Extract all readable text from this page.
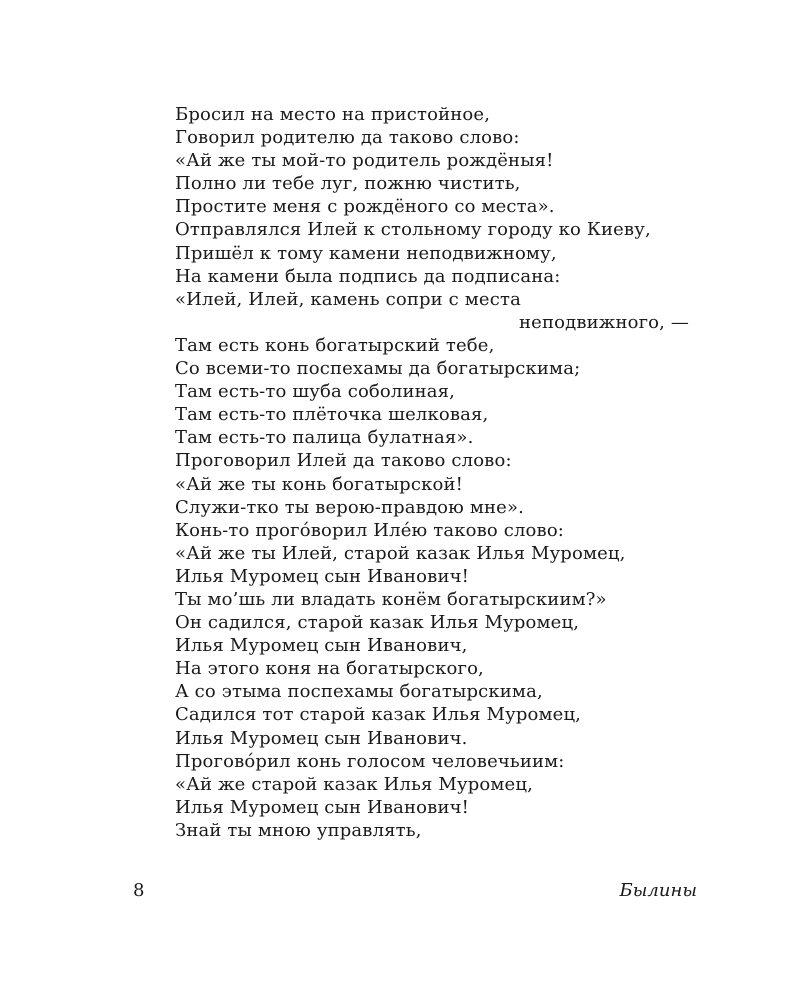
Бросил на место на пристойное,
Говорил родителю да таково слово:
«Ай же ты мой-то родитель рождёныя!
Полно ли тебе луг, пожню чистить,
Простите меня с рождёного со места».
Отправлялся Илей к стольному городу ко Киеву,
Пришёл к тому камени неподвижному,
На камени была подпись да подписана:
«Илей, Илей, камень сопри с места
неподвижного, —
Там есть конь богатырский тебе,
Со всеми-то поспехамы да богатырскима;
Там есть-то шуба соболиная,
Там есть-то плёточка шелковая,
Там есть-то палица булатная».
Проговорил Илей да таково слово:
«Ай же ты конь богатырской!
Служи-тко ты верою-правдою мне».
Конь-то прогóворил Илéю таково слово:
«Ай же ты Илей, старой казак Илья Муромец,
Илья Муромец сын Иванович!
Ты мо’шь ли владать конём богатырскиим?»
Он садился, старой казак Илья Муромец,
Илья Муромец сын Иванович,
На этого коня на богатырского,
А со этыма поспехамы богатырскима,
Садился тот старой казак Илья Муромец,
Илья Муромец сын Иванович.
Прогово́рил конь голосом человечьиим:
«Ай же старой казак Илья Муромец,
Илья Муромец сын Иванович!
Знай ты мною управлять,
8	Былины
